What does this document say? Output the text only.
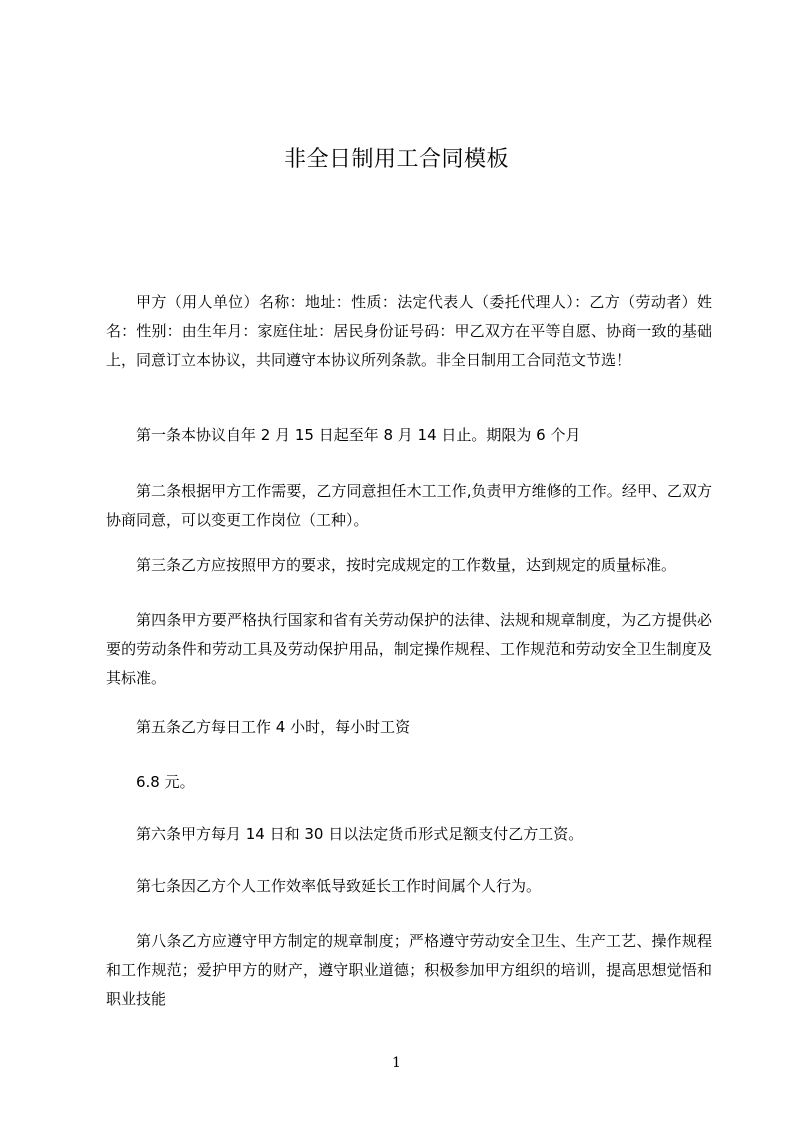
非全日制用工合同模板

甲方（用人单位）名称：地址：性质：法定代表人（委托代理人）：乙方（劳动者）姓名：性别：由生年月：家庭住址：居民身份证号码：甲乙双方在平等自愿、协商一致的基础上，同意订立本协议，共同遵守本协议所列条款。非全日制用工合同范文节选！

第一条本协议自年 2 月 15 日起至年 8 月 14 日止。期限为 6 个月

第二条根据甲方工作需要，乙方同意担任木工工作,负责甲方维修的工作。经甲、乙双方协商同意，可以变更工作岗位（工种）。

第三条乙方应按照甲方的要求，按时完成规定的工作数量，达到规定的质量标准。

第四条甲方要严格执行国家和省有关劳动保护的法律、法规和规章制度，为乙方提供必要的劳动条件和劳动工具及劳动保护用品，制定操作规程、工作规范和劳动安全卫生制度及其标准。

第五条乙方每日工作 4 小时，每小时工资

6.8 元。

第六条甲方每月 14 日和 30 日以法定货币形式足额支付乙方工资。

第七条因乙方个人工作效率低导致延长工作时间属个人行为。

第八条乙方应遵守甲方制定的规章制度；严格遵守劳动安全卫生、生产工艺、操作规程和工作规范；爱护甲方的财产，遵守职业道德；积极参加甲方组织的培训，提高思想觉悟和职业技能

1
